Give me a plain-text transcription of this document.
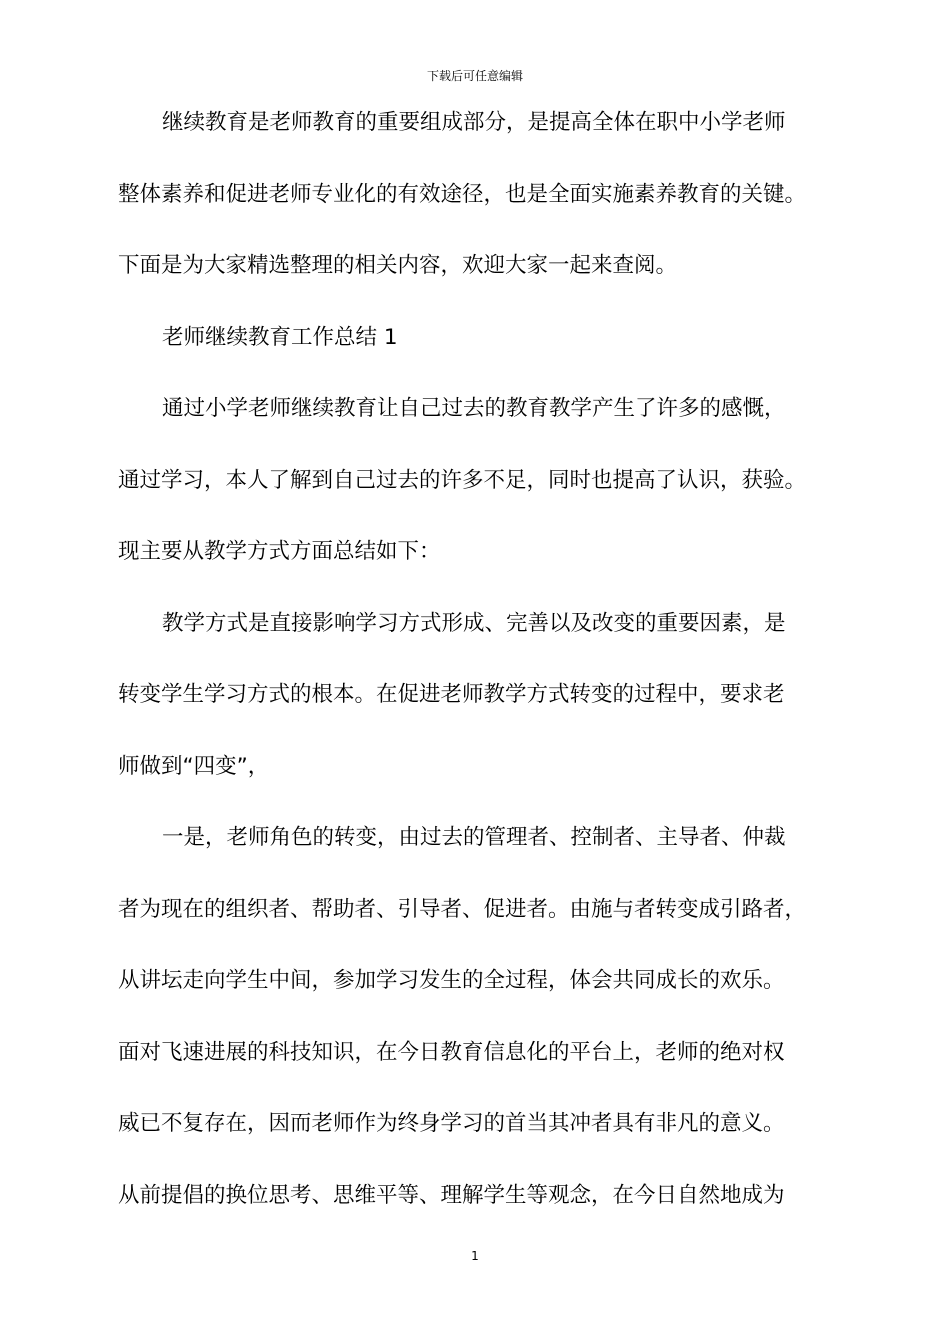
下载后可任意编辑
继续教育是老师教育的重要组成部分，是提高全体在职中小学老师
整体素养和促进老师专业化的有效途径，也是全面实施素养教育的关键。
下面是为大家精选整理的相关内容，欢迎大家一起来查阅。
老师继续教育工作总结 1
通过小学老师继续教育让自己过去的教育教学产生了许多的感慨，
通过学习，本人了解到自己过去的许多不足，同时也提高了认识，获验。
现主要从教学方式方面总结如下：
教学方式是直接影响学习方式形成、完善以及改变的重要因素，是
转变学生学习方式的根本。在促进老师教学方式转变的过程中，要求老
师做到“四变”，
一是，老师角色的转变，由过去的管理者、控制者、主导者、仲裁
者为现在的组织者、帮助者、引导者、促进者。由施与者转变成引路者，
从讲坛走向学生中间，参加学习发生的全过程，体会共同成长的欢乐。
面对飞速进展的科技知识，在今日教育信息化的平台上，老师的绝对权
威已不复存在，因而老师作为终身学习的首当其冲者具有非凡的意义。
从前提倡的换位思考、思维平等、理解学生等观念，在今日自然地成为
1
